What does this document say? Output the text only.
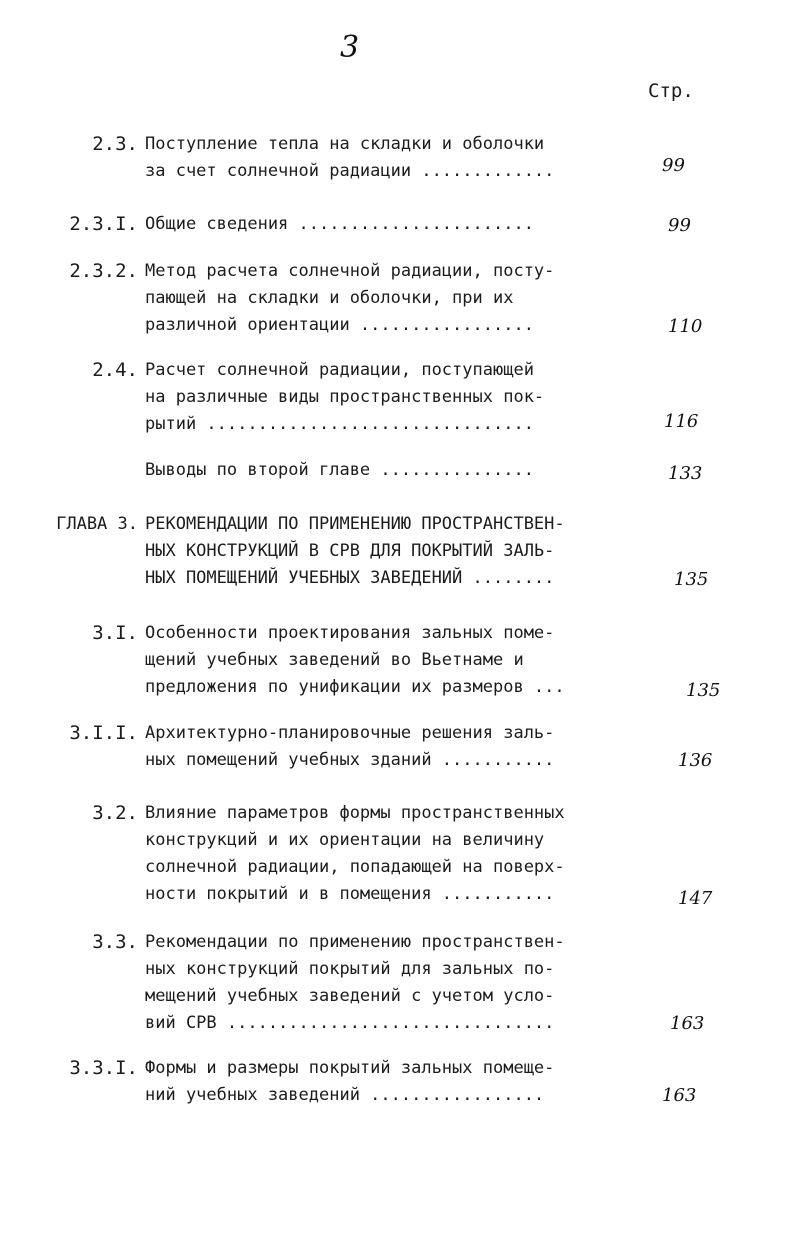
3
Стр.
2.3. Поступление тепла на складки и оболочки
за счет солнечной радиации .............	99
2.3.I. Общие сведения .......................	99
2.3.2. Метод расчета солнечной радиации, посту-
пающей на складки и оболочки, при их
различной ориентации .................	110
2.4. Расчет солнечной радиации, поступающей
на различные виды пространственных пок-
рытий ................................	116
Выводы по второй главе ...............	133
ГЛАВА 3. РЕКОМЕНДАЦИИ ПО ПРИМЕНЕНИЮ ПРОСТРАНСТВЕН-
НЫХ КОНСТРУКЦИЙ В СРВ ДЛЯ ПОКРЫТИЙ ЗАЛЬ-
НЫХ ПОМЕЩЕНИЙ УЧЕБНЫХ ЗАВЕДЕНИЙ ........	135
3.I. Особенности проектирования зальных поме-
щений учебных заведений во Вьетнаме и
предложения по унификации их размеров ...	135
3.I.I. Архитектурно-планировочные решения заль-
ных помещений учебных зданий ...........	136
3.2. Влияние параметров формы пространственных
конструкций и их ориентации на величину
солнечной радиации, попадающей на поверх-
ности покрытий и в помещения ...........	147
3.3. Рекомендации по применению пространствен-
ных конструкций покрытий для зальных по-
мещений учебных заведений с учетом усло-
вий СРВ ................................	163
3.3.I. Формы и размеры покрытий зальных помеще-
ний учебных заведений .................	163
